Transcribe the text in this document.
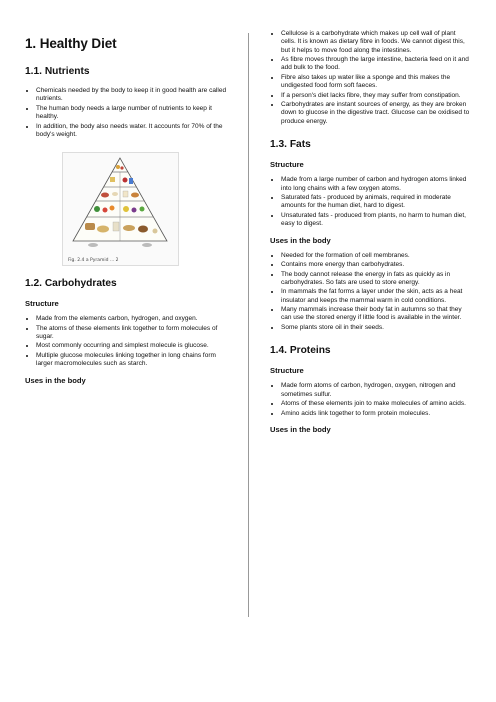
1. Healthy Diet
1.1. Nutrients
• Chemicals needed by the body to keep it in good health are called nutrients.
• The human body needs a large number of nutrients to keep it healthy.
• In addition, the body also needs water. It accounts for 70% of the body's weight.
Fig. 2.4 a Pyramid ... 2
1.2. Carbohydrates
Structure
• Made from the elements carbon, hydrogen, and oxygen.
• The atoms of these elements link together to form molecules of sugar.
• Most commonly occurring and simplest molecule is glucose.
• Multiple glucose molecules linking together in long chains form larger macromolecules such as starch.
Uses in the body
• Cellulose is a carbohydrate which makes up cell wall of plant cells. It is known as dietary fibre in foods. We cannot digest this, but it helps to move food along the intestines.
• As fibre moves through the large intestine, bacteria feed on it and add bulk to the food.
• Fibre also takes up water like a sponge and this makes the undigested food form soft faeces.
• If a person's diet lacks fibre, they may suffer from constipation.
• Carbohydrates are instant sources of energy, as they are broken down to glucose in the digestive tract. Glucose can be oxidised to produce energy.
1.3. Fats
Structure
• Made from a large number of carbon and hydrogen atoms linked into long chains with a few oxygen atoms.
• Saturated fats - produced by animals, required in moderate amounts for the human diet, hard to digest.
• Unsaturated fats - produced from plants, no harm to human diet, easy to digest.
Uses in the body
• Needed for the formation of cell membranes.
• Contains more energy than carbohydrates.
• The body cannot release the energy in fats as quickly as in carbohydrates. So fats are used to store energy.
• In mammals the fat forms a layer under the skin, acts as a heat insulator and keeps the mammal warm in cold conditions.
• Many mammals increase their body fat in autumns so that they can use the stored energy if little food is available in the winter.
• Some plants store oil in their seeds.
1.4. Proteins
Structure
• Made form atoms of carbon, hydrogen, oxygen, nitrogen and sometimes sulfur.
• Atoms of these elements join to make molecules of amino acids.
• Amino acids link together to form protein molecules.
Uses in the body
